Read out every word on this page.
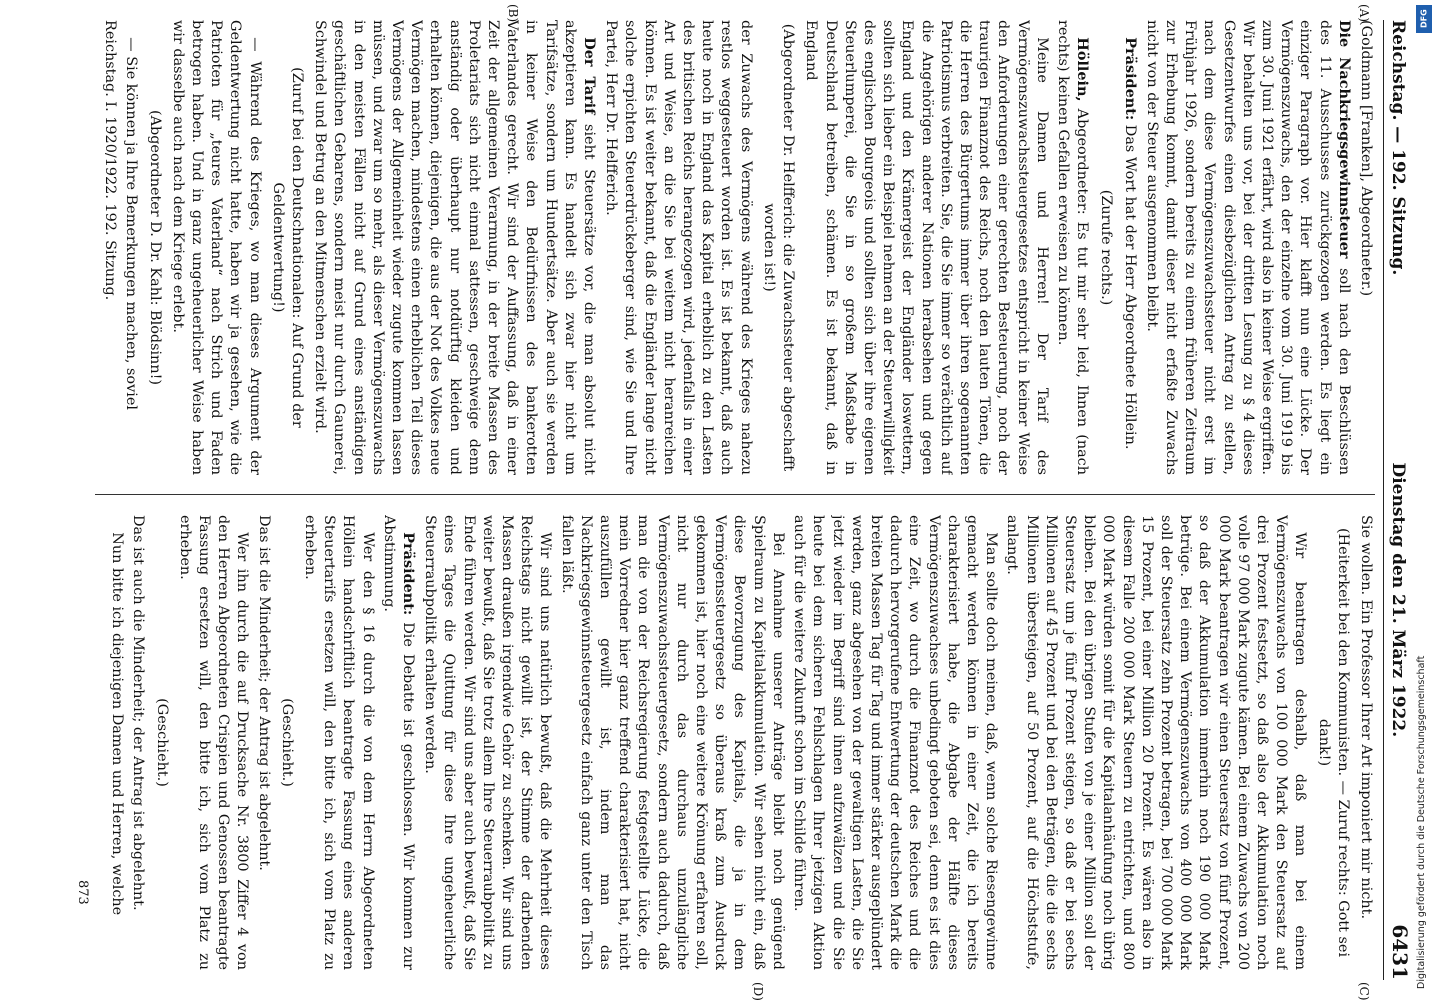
Reichstag. — 192. Sitzung.
Dienstag den 21. März 1922.
6431
(A)
(B)
(C)
(D)

(Goldmann [Franken], Abgeordneter.)

Die Nachkriegsgewinnsteuer soll nach den Beschlüssen des 11. Ausschusses zurückgezogen werden. Es liegt ein einziger Paragraph vor. Hier klafft nun eine Lücke. Der Vermögenszuwachs, den der einzelne vom 30. Juni 1919 bis zum 30. Juni 1921 erfährt, wird also in keiner Weise ergriffen. Wir behalten uns vor, bei der dritten Lesung zu § 4 dieses Gesetzentwurfes einen diesbezüglichen Antrag zu stellen, nach dem diese Vermögenszuwachssteuer nicht erst im Frühjahr 1926, sondern bereits zu einem früheren Zeitraum zur Erhebung kommt, damit dieser nicht erfaßte Zuwachs nicht von der Steuer ausgenommen bleibt.

Präsident: Das Wort hat der Herr Abgeordnete Höllein.

(Zurufe rechts.)

Höllein, Abgeordneter: Es tut mir sehr leid, Ihnen (nach rechts) keinen Gefallen erweisen zu können.

Meine Damen und Herren! Der Tarif des Vermögenszuwachssteuergesetzes entspricht in keiner Weise den Anforderungen einer gerechten Besteuerung, noch der traurigen Finanznot des Reichs, noch den lauten Tönen, die die Herren des Bürgertums immer über ihren sogenannten Patriotismus verbreiten. Sie, die Sie immer so verächtlich auf die Angehörigen anderer Nationen herabsehen und gegen England und den Krämergeist der Engländer loswettern, sollten sich lieber ein Beispiel nehmen an der Steuerwilligkeit des englischen Bourgeois und sollten sich über ihre eigenen Steuerlumperei, die Sie in so großem Maßstabe in Deutschland betreiben, schämen. Es ist bekannt, daß in England

(Abgeordneter Dr. Helfferich: die Zuwachssteuer abgeschafft worden ist!)

der Zuwachs des Vermögens während des Krieges nahezu restlos weggesteuert worden ist. Es ist bekannt, daß auch heute noch in England das Kapital erheblich zu den Lasten des britischen Reichs herangezogen wird, jedenfalls in einer Art und Weise, an die Sie bei weitem nicht heranreichen können. Es ist weiter bekannt, daß die Engländer lange nicht solche erpichten Steuerdrückeberger sind, wie Sie und Ihre Partei, Herr Dr. Helfferich.

Der Tarif sieht Steuersätze vor, die man absolut nicht akzeptieren kann. Es handelt sich zwar hier nicht um Tarifsätze, sondern um Hundertsätze. Aber auch sie werden in keiner Weise den Bedürfnissen des bankerotten Vaterlandes gerecht. Wir sind der Auffassung, daß in einer Zeit der allgemeinen Verarmung, in der breite Massen des Proletariats sich nicht einmal sattessen, geschweige denn anständig oder überhaupt nur notdürftig kleiden und erhalten können, diejenigen, die aus der Not des Volkes neue Vermögen machen, mindestens einen erheblichen Teil dieses Vermögens der Allgemeinheit wieder zugute kommen lassen müssen, und zwar um so mehr, als dieser Vermögenszuwachs in den meisten Fällen nicht auf Grund eines anständigen geschäftlichen Gebarens, sondern meist nur durch Gaunerei, Schwindel und Betrug an den Mitmenschen erzielt wird.

(Zuruf bei den Deutschnationalen: Auf Grund der Geldentwertung!)

— Während des Krieges, wo man dieses Argument der Geldentwertung nicht hatte, haben wir ja gesehen, wie die Patrioten für „teures Vaterland“ nach Strich und Faden betrogen haben. Und in ganz ungeheuerlicher Weise haben wir dasselbe auch nach dem Kriege erlebt.

(Abgeordneter D. Dr. Kahl: Blödsinn!)

— Sie können ja Ihre Bemerkungen machen, soviel

Reichstag. I. 1920/1922. 192. Sitzung.

Sie wollen. Ein Professor Ihrer Art imponiert mir nicht.

(Heiterkeit bei den Kommunisten. — Zuruf rechts: Gott sei dank!)

Wir beantragen deshalb, daß man bei einem Vermögenszuwachs von 100 000 Mark den Steuersatz auf drei Prozent festsetzt, so daß also der Akkumulation noch volle 97 000 Mark zugute kämen. Bei einem Zuwachs von 200 000 Mark beantragen wir einen Steuersatz von fünf Prozent, so daß der Akkumulation immerhin noch 190 000 Mark betrüge. Bei einem Vermögenszuwachs von 400 000 Mark soll der Steuersatz zehn Prozent betragen, bei 700 000 Mark 15 Prozent, bei einer Million 20 Prozent. Es wären also in diesem Falle 200 000 Mark Steuern zu entrichten, und 800 000 Mark würden somit für die Kapitalanhäufung noch übrig bleiben. Bei den übrigen Stufen von je einer Million soll der Steuersatz um je fünf Prozent steigen, so daß er bei sechs Millionen auf 45 Prozent und bei den Beträgen, die die sechs Millionen übersteigen, auf 50 Prozent, auf die Höchststufe, anlangt.

Man sollte doch meinen, daß, wenn solche Riesengewinne gemacht werden können in einer Zeit, die ich bereits charakterisiert habe, die Abgabe der Hälfte dieses Vermögenszuwachses unbedingt geboten sei, denn es ist dies eine Zeit, wo durch die Finanznot des Reiches und die dadurch hervorgerufene Entwertung der deutschen Mark die breiten Massen Tag für Tag und immer stärker ausgeplündert werden, ganz abgesehen von der gewaltigen Lasten, die Sie jetzt wieder im Begriff sind ihnen aufzuwälzen und die Sie heute bei dem sicheren Fehlschlagen Ihrer jetzigen Aktion auch für die weitere Zukunft schon im Schilde führen.

Bei Annahme unserer Anträge bleibt noch genügend Spielraum zu Kapitalakkumulation. Wir sehen nicht ein, daß diese Bevorzugung des Kapitals, die ja in dem Vermögenssteuergesetz so überaus kraß zum Ausdruck gekommen ist, hier noch eine weitere Krönung erfahren soll, nicht nur durch das durchaus unzulängliche Vermögenszuwachssteuergesetz, sondern auch dadurch, daß man die von der Reichsregierung festgestellte Lücke, die mein Vorredner hier ganz treffend charakterisiert hat, nicht auszufüllen gewillt ist, indem man das Nachkriegsgewinnsteuergesetz einfach ganz unter den Tisch fallen läßt.

Wir sind uns natürlich bewußt, daß die Mehrheit dieses Reichstags nicht gewillt ist, der Stimme der darbenden Massen draußen irgendwie Gehör zu schenken. Wir sind uns weiter bewußt, daß Sie trotz allem Ihre Steuerraubpolitik zu Ende führen werden. Wir sind uns aber auch bewußt, daß Sie eines Tages die Quittung für diese Ihre ungeheuerliche Steuerraubpolitik erhalten werden.

Präsident: Die Debatte ist geschlossen. Wir kommen zur Abstimmung.

Wer den § 16 durch die von dem Herrn Abgeordneten Höllein handschriftlich beantragte Fassung eines anderen Steuertarifs ersetzen will, den bitte ich, sich vom Platz zu erheben.

(Geschieht.)

Das ist die Minderheit; der Antrag ist abgelehnt.

Wer ihn durch die auf Drucksache Nr. 3800 Ziffer 4 von den Herren Abgeordneten Crispien und Genossen beantragte Fassung ersetzen will, den bitte ich, sich vom Platz zu erheben.

(Geschieht.)

Das ist auch die Minderheit; der Antrag ist abgelehnt.

Nun bitte ich diejenigen Damen und Herren, welche

873
DFG
Digitalisierung gefördert durch die Deutsche Forschungsgemeinschaft
